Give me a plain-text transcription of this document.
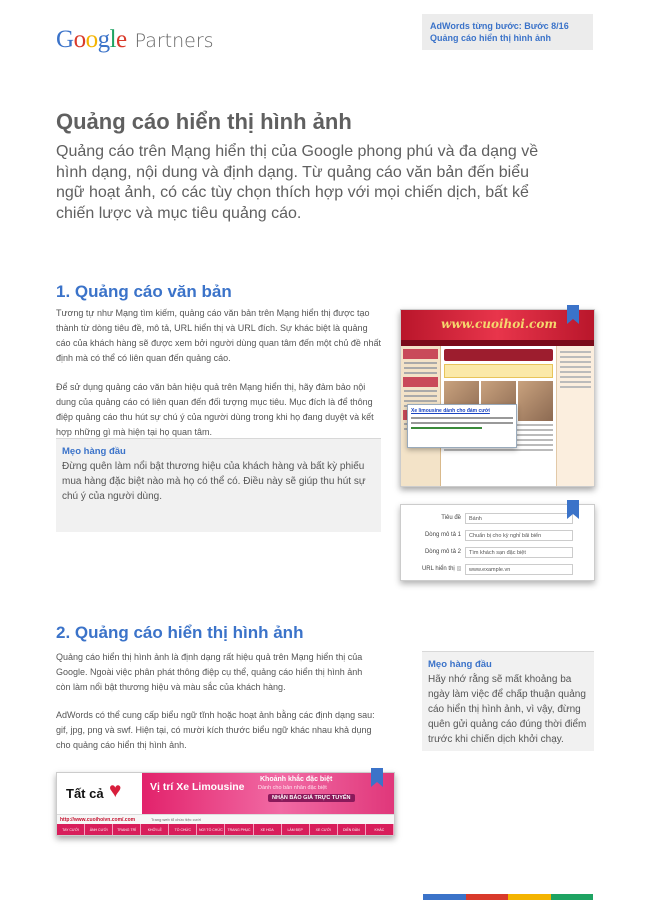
Google Partners
AdWords từng bước: Bước 8/16
Quảng cáo hiển thị hình ảnh
Quảng cáo hiển thị hình ảnh

Quảng cáo trên Mạng hiển thị của Google phong phú và đa dạng về hình dạng, nội dung và định dạng. Từ quảng cáo văn bản đến biểu ngữ hoạt ảnh, có các tùy chọn thích hợp với mọi chiến dịch, bất kể chiến lược và mục tiêu quảng cáo.

1. Quảng cáo văn bản

Tương tự như Mạng tìm kiếm, quảng cáo văn bản trên Mạng hiển thị được tạo thành từ dòng tiêu đề, mô tả, URL hiển thị và URL đích. Sự khác biệt là quảng cáo của khách hàng sẽ được xem bởi người dùng quan tâm đến một chủ đề nhất định mà có thể có liên quan đến quảng cáo.

Để sử dụng quảng cáo văn bản hiệu quả trên Mạng hiển thị, hãy đảm bảo nội dung của quảng cáo có liên quan đến đối tượng mục tiêu. Mục đích là để thông điệp quảng cáo thu hút sự chú ý của người dùng trong khi họ đang duyệt và kết hợp những gì mà hiện tại họ quan tâm.

Mẹo hàng đầu
Đừng quên làm nổi bật thương hiệu của khách hàng và bất kỳ phiếu mua hàng đặc biệt nào mà họ có thể có. Điều này sẽ giúp thu hút sự chú ý của người dùng.
www.cuoihoi.com
Xe limousine dành cho đám cưới
Tiêu đề	Bánh
Dòng mô tả 1	Chuẩn bị cho kỳ nghỉ bãi biển
Dòng mô tả 2	Tìm khách sạn đặc biệt
URL hiển thị ?	www.example.vn
2. Quảng cáo hiển thị hình ảnh

Quảng cáo hiển thị hình ảnh là định dạng rất hiệu quả trên Mạng hiển thị của Google. Ngoài việc phân phát thông điệp cụ thể, quảng cáo hiển thị hình ảnh còn làm nổi bật thương hiệu và màu sắc của khách hàng.

AdWords có thể cung cấp biểu ngữ tĩnh hoặc hoạt ảnh bằng các định dạng sau: gif, jpg, png và swf. Hiện tại, có mười kích thước biểu ngữ khác nhau khả dụng cho quảng cáo hiển thị hình ảnh.

Mẹo hàng đầu
Hãy nhớ rằng sẽ mất khoảng ba ngày làm việc để chấp thuận quảng cáo hiển thị hình ảnh, vì vậy, đừng quên gửi quảng cáo đúng thời điểm trước khi chiến dịch khởi chạy.
Tất cả ♥	Vị trí Xe Limousine
Khoảnh khắc đặc biệt
Dành cho bản nhân đặc biệt
NHẬN BÁO GIÁ TRỰC TUYẾN
http://www.cuoihoivn.com/.com	Trang web tổ chức tiệc cưới
TAY CƯỚI	ẢNH CƯỚI	TRANG TRÍ	KHỞI LỄ	TỔ CHỨC	NƠI TỔ CHỨC	TRANG PHỤC	XE HOA	LÀM ĐẸP	XE CƯỚI	DIỄN ĐÀN	KHÁC
